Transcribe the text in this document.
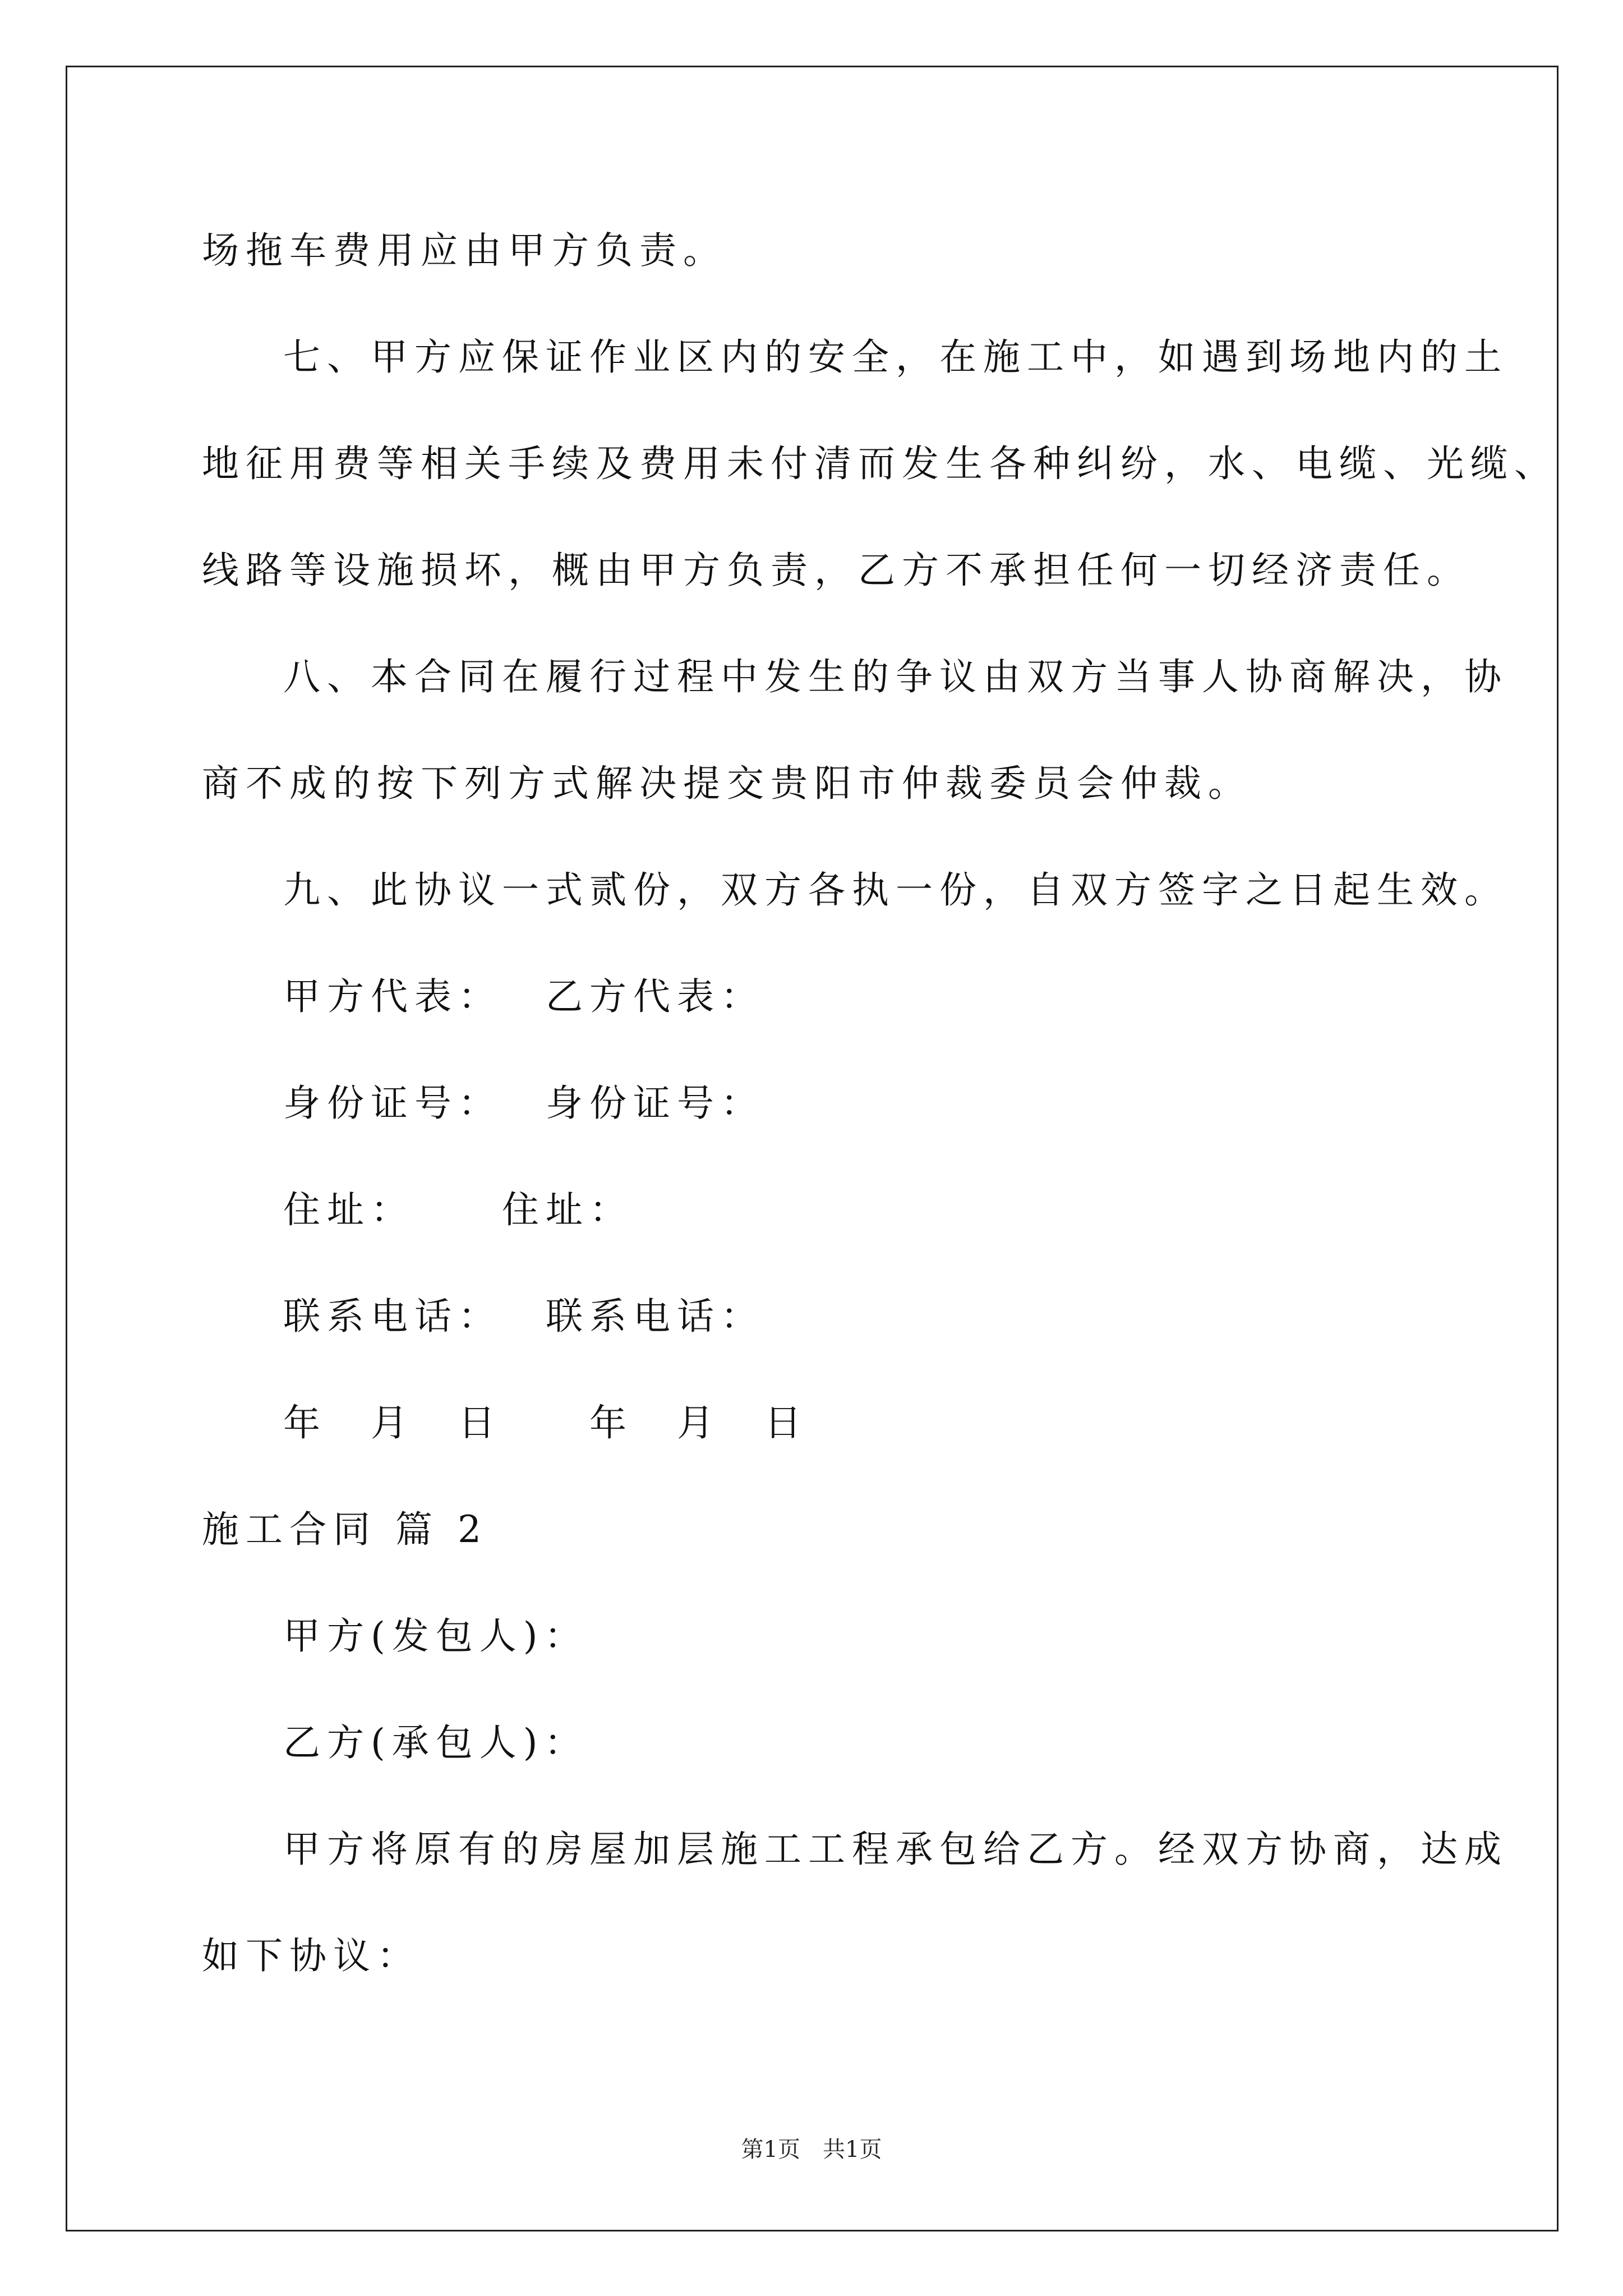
场拖车费用应由甲方负责。
七、甲方应保证作业区内的安全，在施工中，如遇到场地内的土
地征用费等相关手续及费用未付清而发生各种纠纷，水、电缆、光缆、
线路等设施损坏，概由甲方负责，乙方不承担任何一切经济责任。
八、本合同在履行过程中发生的争议由双方当事人协商解决，协
商不成的按下列方式解决提交贵阳市仲裁委员会仲裁。
九、此协议一式贰份，双方各执一份，自双方签字之日起生效。
甲方代表：　 乙方代表：
身份证号：　 身份证号：
住址：　　 住址：
联系电话：　 联系电话：
年　月　日　　年　月　日
施工合同 篇 2
甲方(发包人)：
乙方(承包人)：
甲方将原有的房屋加层施工工程承包给乙方。经双方协商，达成
如下协议：
第1页　共1页
